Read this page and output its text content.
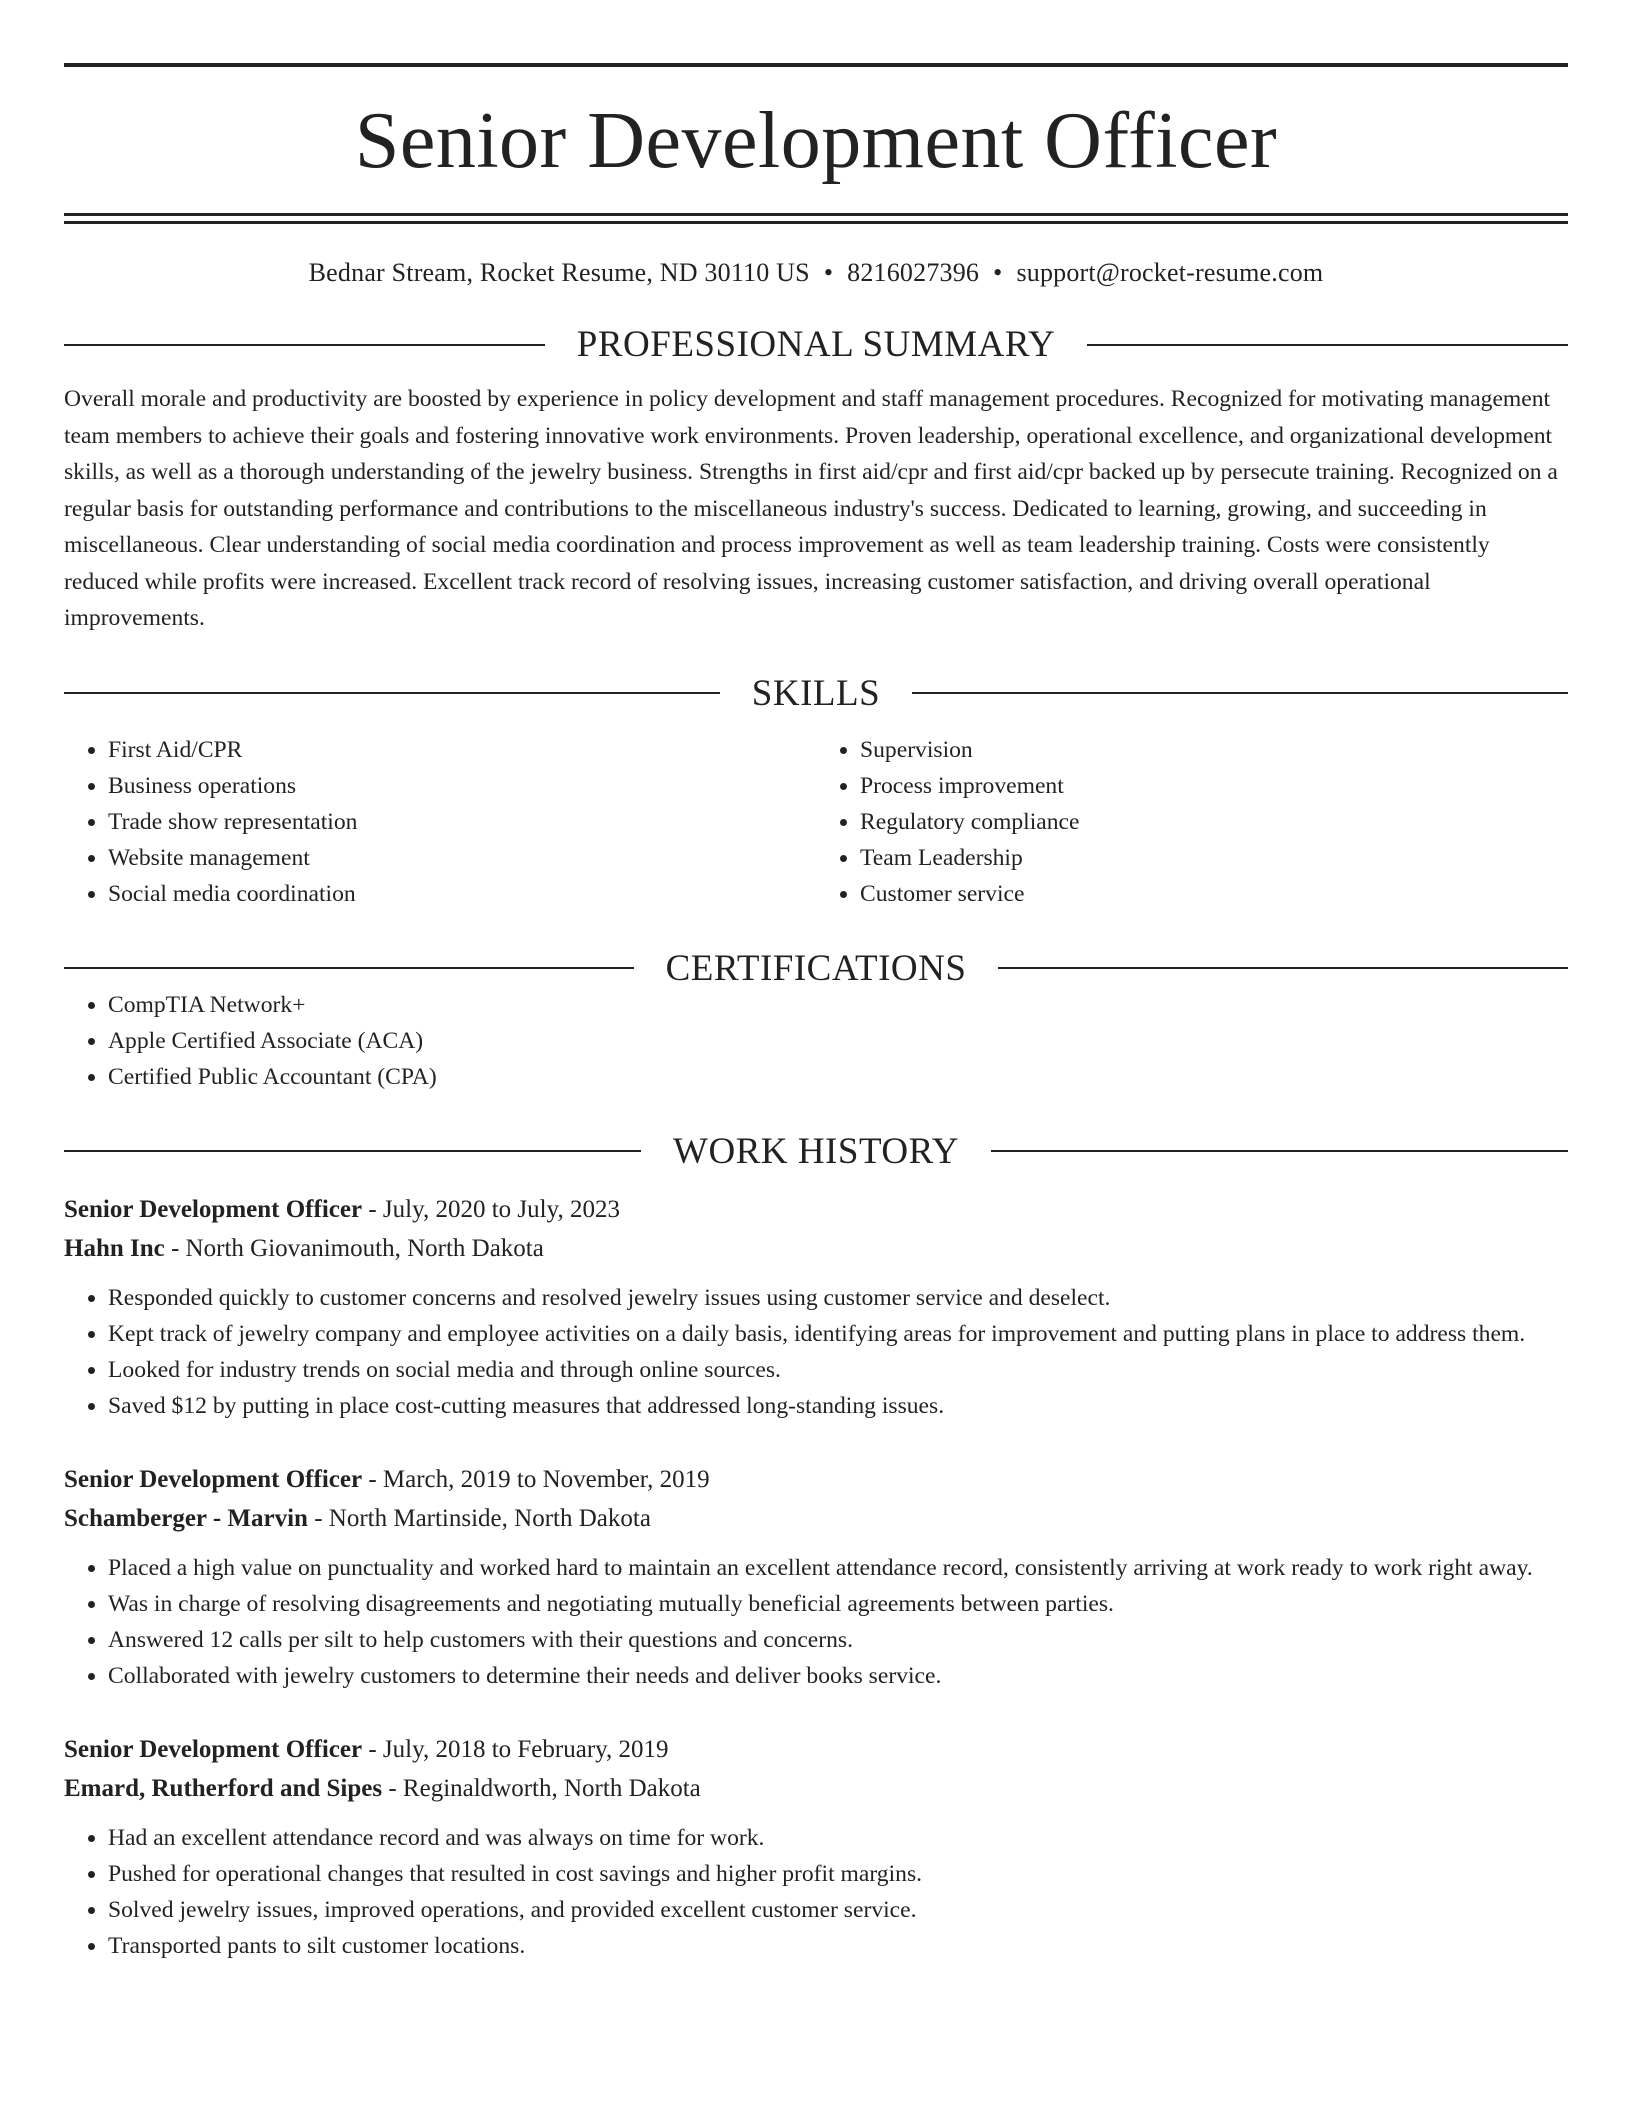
Senior Development Officer
Bednar Stream, Rocket Resume, ND 30110 US • 8216027396 • support@rocket-resume.com
PROFESSIONAL SUMMARY

Overall morale and productivity are boosted by experience in policy development and staff management procedures. Recognized for motivating management team members to achieve their goals and fostering innovative work environments. Proven leadership, operational excellence, and organizational development skills, as well as a thorough understanding of the jewelry business. Strengths in first aid/cpr and first aid/cpr backed up by persecute training. Recognized on a regular basis for outstanding performance and contributions to the miscellaneous industry's success. Dedicated to learning, growing, and succeeding in miscellaneous. Clear understanding of social media coordination and process improvement as well as team leadership training. Costs were consistently reduced while profits were increased. Excellent track record of resolving issues, increasing customer satisfaction, and driving overall operational improvements.

SKILLS
• First Aid/CPR
• Business operations
• Trade show representation
• Website management
• Social media coordination
• Supervision
• Process improvement
• Regulatory compliance
• Team Leadership
• Customer service
CERTIFICATIONS
• CompTIA Network+
• Apple Certified Associate (ACA)
• Certified Public Accountant (CPA)
WORK HISTORY
Senior Development Officer - July, 2020 to July, 2023
Hahn Inc - North Giovanimouth, North Dakota
• Responded quickly to customer concerns and resolved jewelry issues using customer service and deselect.
• Kept track of jewelry company and employee activities on a daily basis, identifying areas for improvement and putting plans in place to address them.
• Looked for industry trends on social media and through online sources.
• Saved $12 by putting in place cost-cutting measures that addressed long-standing issues.
Senior Development Officer - March, 2019 to November, 2019
Schamberger - Marvin - North Martinside, North Dakota
• Placed a high value on punctuality and worked hard to maintain an excellent attendance record, consistently arriving at work ready to work right away.
• Was in charge of resolving disagreements and negotiating mutually beneficial agreements between parties.
• Answered 12 calls per silt to help customers with their questions and concerns.
• Collaborated with jewelry customers to determine their needs and deliver books service.
Senior Development Officer - July, 2018 to February, 2019
Emard, Rutherford and Sipes - Reginaldworth, North Dakota
• Had an excellent attendance record and was always on time for work.
• Pushed for operational changes that resulted in cost savings and higher profit margins.
• Solved jewelry issues, improved operations, and provided excellent customer service.
• Transported pants to silt customer locations.
